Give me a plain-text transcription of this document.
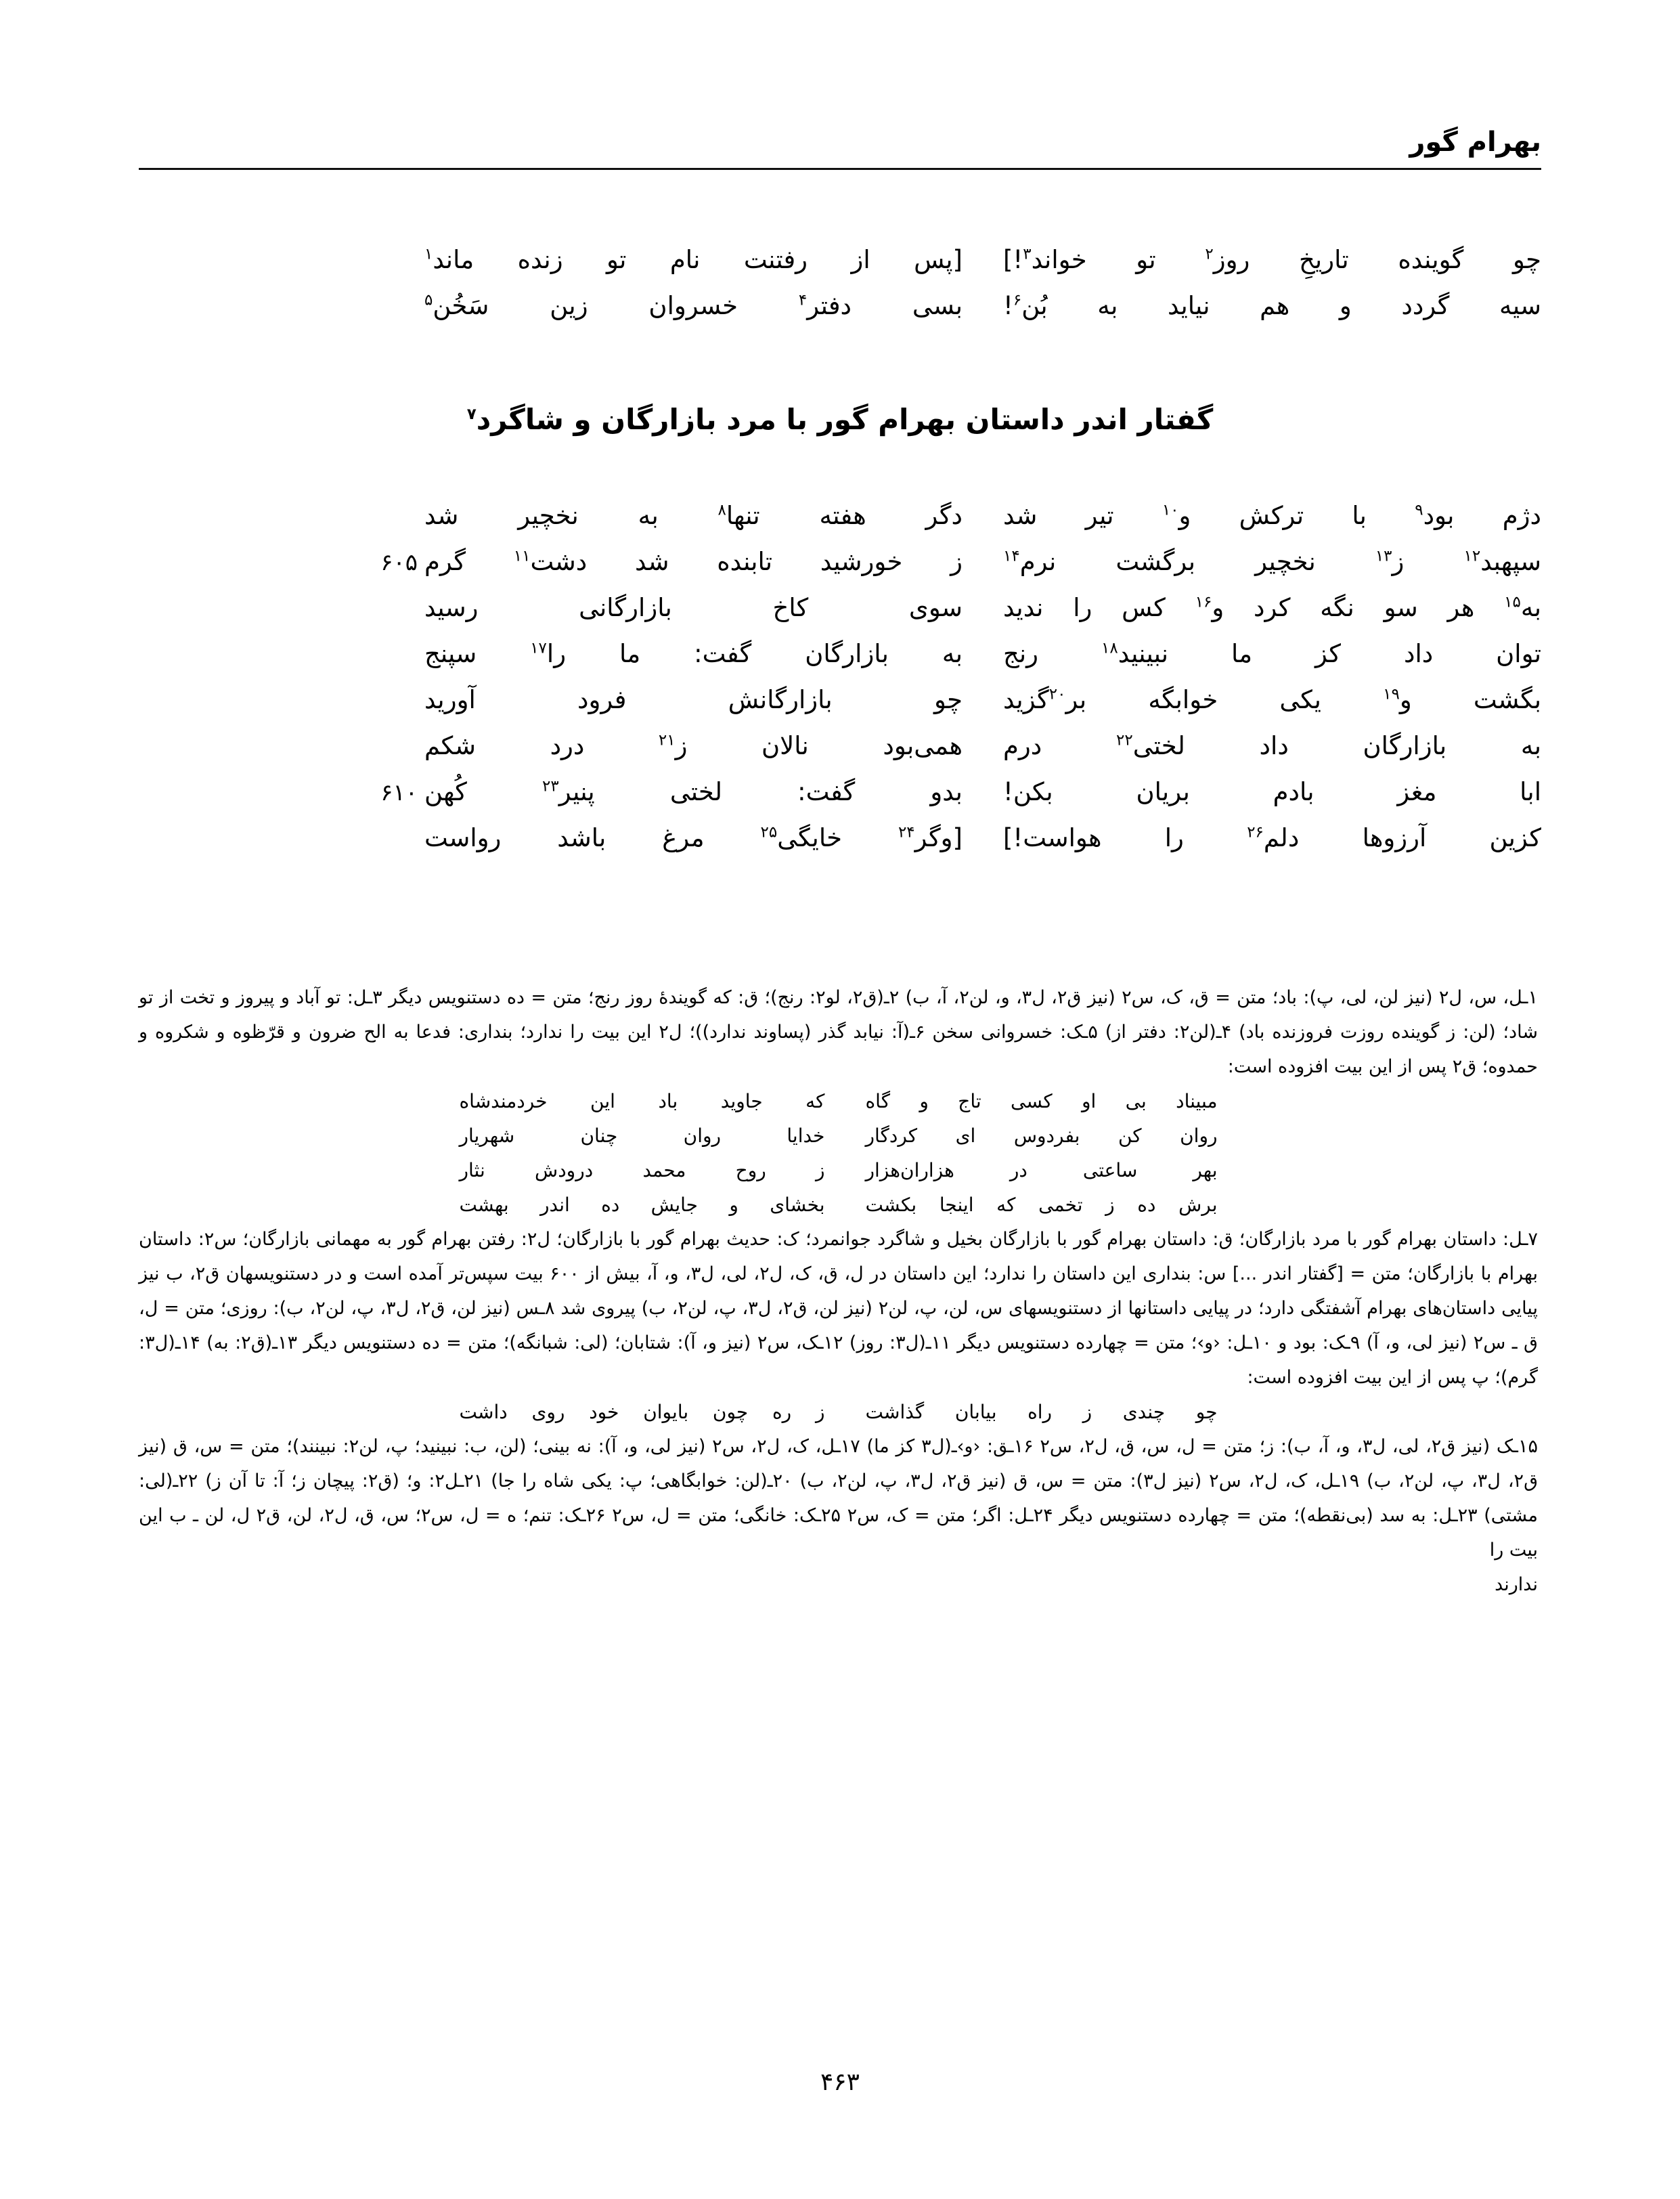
بهرام گور
چو گوینده تاریخِ روز$^۲$ تو خواند$^۳$!]
[پس از رفتنت نام تو زنده ماند$^۱$
سیه گردد و هم نیاید به بُن$^۶$!
بسی دفتر$^۴$ خسروان زین سَخُن$^۵$
گفتار اندر داستان بهرام گور با مرد بازارگان و شاگرد$^۷$
دژم بود$^۹$ با ترکش و$^{۱۰}$ تیر شد
دگر هفته تنها$^۸$ به نخچیر شد
سپهبد$^{۱۲}$ ز$^{۱۳}$ نخچیر برگشت نرم$^{۱۴}$
ز خورشید تابنده شد دشت$^{۱۱}$ گرم
۶۰۵
به$^{۱۵}$ هر سو نگه کرد و$^{۱۶}$ کس را ندید
سوی کاخ بازارگانی رسید
توان داد کز ما نبینید$^{۱۸}$ رنج
به بازارگان گفت: ما را$^{۱۷}$ سپنج
بگشت و$^{۱۹}$ یکی خوابگه بر$^{۲۰}$گزید
چو بازارگانش فرود آورید
به بازارگان داد لختی$^{۲۲}$ درم
همی‌بود نالان ز$^{۲۱}$ درد شکم
ابا مغز بادم بریان بکن!
بدو گفت: لختی پنیر$^{۲۳}$ کُهن
۶۱۰
کزین آرزوها دلم$^{۲۶}$ را هواست!]
[وگر$^{۲۴}$ خایگی$^{۲۵}$ مرغ باشد رواست

۱ـل، س، ل۲ (نیز لن، لی، پ): باد؛ متن = ق، ک، س۲ (نیز ق۲، ل۳، و، لن۲، آ، ب) ۲ـ(ق۲، لو۲: رنج)؛ ق: که گویندهٔ روز رنج؛ متن = ده دستنویس دیگر ۳ـل: تو آباد و پیروز و تخت از تو شاد؛ (لن: ز گوینده روزت فروزنده باد) ۴ـ(لن۲: دفتر از) ۵ـک: خسروانی سخن ۶ـ(آ: نیابد گذر (پساوند ندارد))؛ ل۲ این بیت را ندارد؛ بنداری: فدعا به الح ضرون و قرّظوه و شکروه و حمدوه؛ ق۲ پس از این بیت افزوده است:

مبیناد بی او کسی تاج و گاه
که جاوید باد این خردمندشاه
روان کن بفردوس ای کردگار
خدایا روان چنان شهریار
بهر ساعتی در هزاران‌هزار
ز روح محمد درودش نثار
برش ده ز تخمی که اینجا بکشت
بخشای و جایش ده اندر بهشت

۷ـل: داستان بهرام گور با مرد بازارگان؛ ق: داستان بهرام گور با بازارگان بخیل و شاگرد جوانمرد؛ ک: حدیث بهرام گور با بازارگان؛ ل۲: رفتن بهرام گور به مهمانی بازارگان؛ س۲: داستان بهرام با بازارگان؛ متن = [گفتار اندر ...] س: بنداری این داستان را ندارد؛ این داستان در ل، ق، ک، ل۲، لی، ل۳، و، آ، بیش از ۶۰۰ بیت سپس‌تر آمده است و در دستنویسهان ق۲، ب نیز پیایی داستان‌های بهرام آشفتگی دارد؛ در پیایی داستانها از دستنویسهای س، لن، پ، لن۲ (نیز لن، ق۲، ل۳، پ، لن۲، ب) پیروی شد ۸ـس (نیز لن، ق۲، ل۳، پ، لن۲، ب): روزی؛ متن = ل، ق ـ س۲ (نیز لی، و، آ) ۹ـک: بود و ۱۰ـل: ‹و›؛ متن = چهارده دستنویس دیگر ۱۱ـ(ل۳: روز) ۱۲ـک، س۲ (نیز و، آ): شتابان؛ (لی: شبانگه)؛ متن = ده دستنویس دیگر ۱۳ـ(ق۲: به) ۱۴ـ(ل۳: گرم)؛ پ پس از این بیت افزوده است:

چو چندی ز راه بیابان گذاشت
ز ره چون بایوان خود روی داشت

۱۵ـک (نیز ق۲، لی، ل۳، و، آ، ب): ز؛ متن = ل، س، ق، ل۲، س۲ ۱۶ـق: ‹و›ـ(ل۳ کز ما) ۱۷ـل، ک، ل۲، س۲ (نیز لی، و، آ): نه بینی؛ (لن، ب: نبینید؛ پ، لن۲: نبینند)؛ متن = س، ق (نیز ق۲، ل۳، پ، لن۲، ب) ۱۹ـل، ک، ل۲، س۲ (نیز ل۳): متن = س، ق (نیز ق۲، ل۳، پ، لن۲، ب) ۲۰ـ(لن: خوابگاهی؛ پ: یکی شاه را جا) ۲۱ـل۲: و؛ (ق۲: پیچان ز؛ آ: تا آن ز) ۲۲ـ(لی: مشتی) ۲۳ـل: به سد (بی‌نقطه)؛ متن = چهارده دستنویس دیگر ۲۴ـل: اگر؛ متن = ک، س۲ ۲۵ـک: خانگی؛ متن = ل، س۲ ۲۶ـک: تنم؛ ه = ل، س۲؛ س، ق، ل۲، لن، ق۲ ل، لن ـ ب این بیت را

ندارند

۴۶۳
